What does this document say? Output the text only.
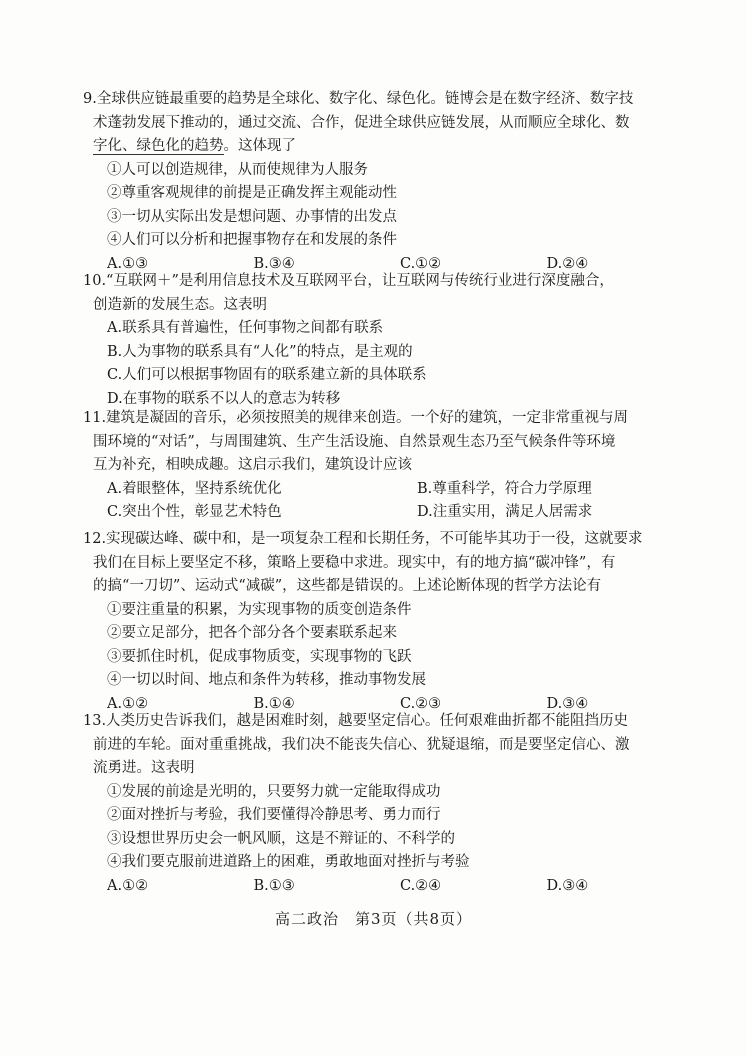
9.全球供应链最重要的趋势是全球化、数字化、绿色化。链博会是在数字经济、数字技
术蓬勃发展下推动的，通过交流、合作，促进全球供应链发展，从而顺应全球化、数
字化、绿色化的趋势。这体现了

①人可以创造规律，从而使规律为人服务

②尊重客观规律的前提是正确发挥主观能动性

③一切从实际出发是想问题、办事情的出发点

④人们可以分析和把握事物存在和发展的条件

A.①③	B.③④	C.①②	D.②④

10.“互联网＋”是利用信息技术及互联网平台，让互联网与传统行业进行深度融合，
创造新的发展生态。这表明

A.联系具有普遍性，任何事物之间都有联系

B.人为事物的联系具有“人化”的特点，是主观的

C.人们可以根据事物固有的联系建立新的具体联系

D.在事物的联系不以人的意志为转移

11.建筑是凝固的音乐，必须按照美的规律来创造。一个好的建筑，一定非常重视与周
围环境的“对话”，与周围建筑、生产生活设施、自然景观生态乃至气候条件等环境
互为补充，相映成趣。这启示我们，建筑设计应该

A.着眼整体，坚持系统优化	B.尊重科学，符合力学原理
C.突出个性，彰显艺术特色	D.注重实用，满足人居需求

12.实现碳达峰、碳中和，是一项复杂工程和长期任务，不可能毕其功于一役，这就要求
我们在目标上要坚定不移，策略上要稳中求进。现实中，有的地方搞“碳冲锋”，有
的搞“一刀切”、运动式“减碳”，这些都是错误的。上述论断体现的哲学方法论有

①要注重量的积累，为实现事物的质变创造条件

②要立足部分，把各个部分各个要素联系起来

③要抓住时机，促成事物质变，实现事物的飞跃

④一切以时间、地点和条件为转移，推动事物发展

A.①②	B.①④	C.②③	D.③④

13.人类历史告诉我们，越是困难时刻，越要坚定信心。任何艰难曲折都不能阻挡历史
前进的车轮。面对重重挑战，我们决不能丧失信心、犹疑退缩，而是要坚定信心、激
流勇进。这表明

①发展的前途是光明的，只要努力就一定能取得成功

②面对挫折与考验，我们要懂得冷静思考、勇力而行

③设想世界历史会一帆风顺，这是不辩证的、不科学的

④我们要克服前进道路上的困难，勇敢地面对挫折与考验

A.①②	B.①③	C.②④	D.③④
高二政治　第3页（共8页）
